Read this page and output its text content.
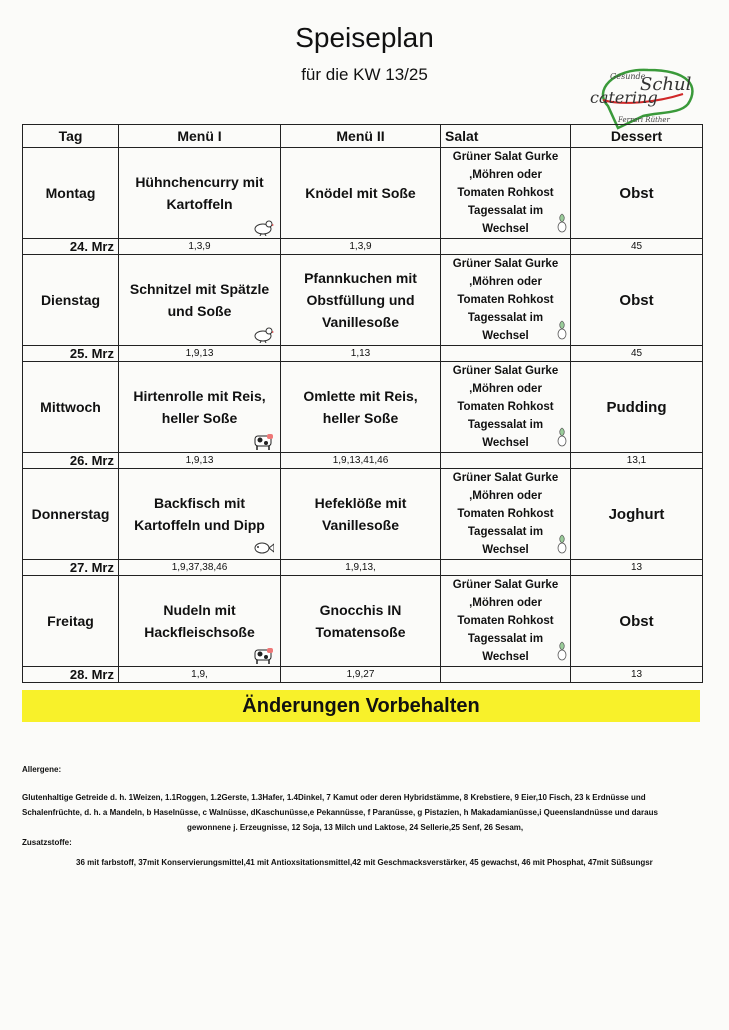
Speiseplan
für die KW 13/25	Gesunde
Schul
catering
Ferrari Rüther
Tag	Menü I	Menü II	Salat	Dessert
Montag	Hühnchencurry mit Kartoffeln	Knödel mit Soße	Grüner Salat Gurke ,Möhren oder Tomaten Rohkost Tagessalat im Wechsel	Obst
24. Mrz	1,3,9	1,3,9		45
Dienstag	Schnitzel mit Spätzle und Soße	Pfannkuchen mit Obstfüllung und Vanillesoße	Grüner Salat Gurke ,Möhren oder Tomaten Rohkost Tagessalat im Wechsel	Obst
25. Mrz	1,9,13	1,13		45
Mittwoch	Hirtenrolle mit Reis, heller Soße	Omlette mit Reis, heller Soße	Grüner Salat Gurke ,Möhren oder Tomaten Rohkost Tagessalat im Wechsel	Pudding
26. Mrz	1,9,13	1,9,13,41,46		13,1
Donnerstag	Backfisch mit Kartoffeln und Dipp	Hefeklöße mit Vanillesoße	Grüner Salat Gurke ,Möhren oder Tomaten Rohkost Tagessalat im Wechsel	Joghurt
27. Mrz	1,9,37,38,46	1,9,13,		13
Freitag	Nudeln mit Hackfleischsoße	Gnocchis IN Tomatensoße	Grüner Salat Gurke ,Möhren oder Tomaten Rohkost Tagessalat im Wechsel	Obst
28. Mrz	1,9,	1,9,27		13
Änderungen Vorbehalten
Allergene:
Glutenhaltige Getreide d. h. 1Weizen, 1.1Roggen, 1.2Gerste, 1.3Hafer, 1.4Dinkel, 7 Kamut oder deren Hybridstämme, 8 Krebstiere, 9 Eier,10 Fisch, 23 k Erdnüsse und
Schalenfrüchte, d. h. a Mandeln, b Haselnüsse, c Walnüsse, dKaschunüsse,e Pekannüsse, f Paranüsse, g Pistazien, h Makadamianüsse,i Queenslandnüsse und daraus
gewonnene j. Erzeugnisse, 12 Soja, 13 Milch und Laktose, 24 Sellerie,25 Senf, 26 Sesam,
Zusatzstoffe:
36 mit farbstoff, 37mit Konservierungsmittel,41 mit Antioxsitationsmittel,42 mit Geschmacksverstärker, 45 gewachst, 46 mit Phosphat, 47mit Süßsungsr
